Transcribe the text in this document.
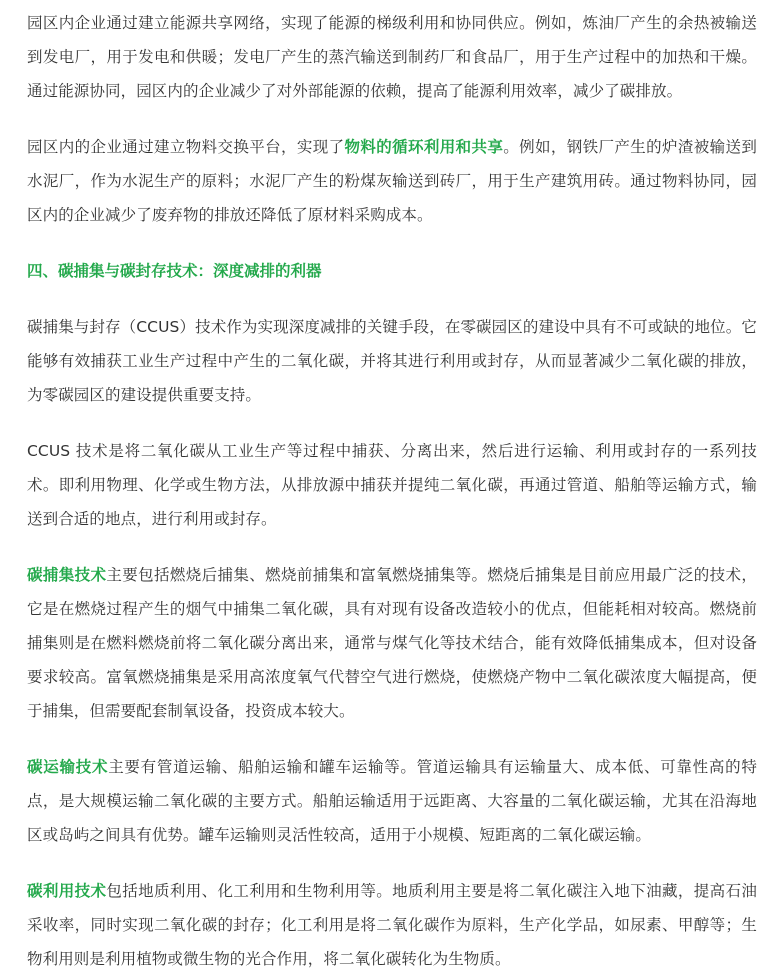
园区内企业通过建立能源共享网络，实现了能源的梯级利用和协同供应。例如，炼油厂产生的余热被输送到发电厂，用于发电和供暖；发电厂产生的蒸汽输送到制药厂和食品厂，用于生产过程中的加热和干燥。通过能源协同，园区内的企业减少了对外部能源的依赖，提高了能源利用效率，减少了碳排放。

园区内的企业通过建立物料交换平台，实现了物料的循环利用和共享。例如，钢铁厂产生的炉渣被输送到水泥厂，作为水泥生产的原料；水泥厂产生的粉煤灰输送到砖厂，用于生产建筑用砖。通过物料协同，园区内的企业减少了废弃物的排放还降低了原材料采购成本。

四、碳捕集与碳封存技术：深度减排的利器

碳捕集与封存（CCUS）技术作为实现深度减排的关键手段，在零碳园区的建设中具有不可或缺的地位。它能够有效捕获工业生产过程中产生的二氧化碳，并将其进行利用或封存，从而显著减少二氧化碳的排放，为零碳园区的建设提供重要支持。

CCUS 技术是将二氧化碳从工业生产等过程中捕获、分离出来，然后进行运输、利用或封存的一系列技术。即利用物理、化学或生物方法，从排放源中捕获并提纯二氧化碳，再通过管道、船舶等运输方式，输送到合适的地点，进行利用或封存。

碳捕集技术主要包括燃烧后捕集、燃烧前捕集和富氧燃烧捕集等。燃烧后捕集是目前应用最广泛的技术，它是在燃烧过程产生的烟气中捕集二氧化碳，具有对现有设备改造较小的优点，但能耗相对较高。燃烧前捕集则是在燃料燃烧前将二氧化碳分离出来，通常与煤气化等技术结合，能有效降低捕集成本，但对设备要求较高。富氧燃烧捕集是采用高浓度氧气代替空气进行燃烧，使燃烧产物中二氧化碳浓度大幅提高，便于捕集，但需要配套制氧设备，投资成本较大。

碳运输技术主要有管道运输、船舶运输和罐车运输等。管道运输具有运输量大、成本低、可靠性高的特点，是大规模运输二氧化碳的主要方式。船舶运输适用于远距离、大容量的二氧化碳运输，尤其在沿海地区或岛屿之间具有优势。罐车运输则灵活性较高，适用于小规模、短距离的二氧化碳运输。

碳利用技术包括地质利用、化工利用和生物利用等。地质利用主要是将二氧化碳注入地下油藏，提高石油采收率，同时实现二氧化碳的封存；化工利用是将二氧化碳作为原料，生产化学品，如尿素、甲醇等；生物利用则是利用植物或微生物的光合作用，将二氧化碳转化为生物质。
